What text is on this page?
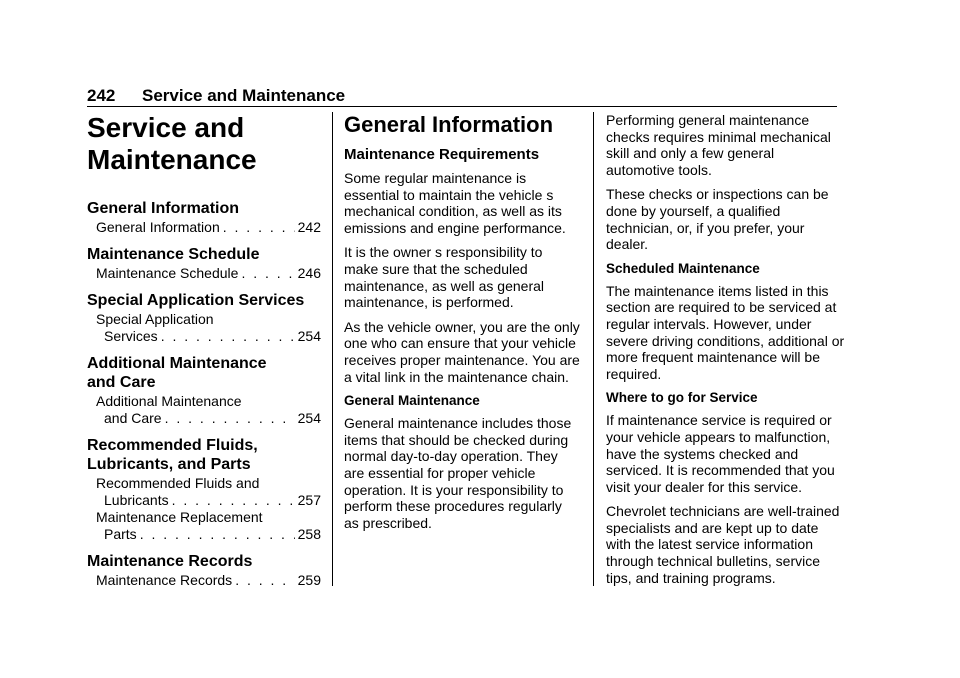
242 Service and Maintenance
Service and
Maintenance
General Information
General Information . . .	242
Maintenance Schedule
Maintenance Schedule . . .	246
Special Application Services
Special Application
Services . . .	254
Additional Maintenance
and Care
Additional Maintenance
and Care . . .	254
Recommended Fluids,
Lubricants, and Parts
Recommended Fluids and
Lubricants . . .	257
Maintenance Replacement
Parts . . .	258
Maintenance Records
Maintenance Records . . .	259
General Information
Maintenance Requirements

Some regular maintenance is essential to maintain the vehicle s mechanical condition, as well as its emissions and engine performance.

It is the owner s responsibility to make sure that the scheduled maintenance, as well as general maintenance, is performed.

As the vehicle owner, you are the only one who can ensure that your vehicle receives proper maintenance. You are a vital link in the maintenance chain.

General Maintenance

General maintenance includes those items that should be checked during normal day-to-day operation. They are essential for proper vehicle operation. It is your responsibility to perform these procedures regularly as prescribed.

Performing general maintenance checks requires minimal mechanical skill and only a few general automotive tools.

These checks or inspections can be done by yourself, a qualified technician, or, if you prefer, your dealer.

Scheduled Maintenance

The maintenance items listed in this section are required to be serviced at regular intervals. However, under severe driving conditions, additional or more frequent maintenance will be required.

Where to go for Service

If maintenance service is required or your vehicle appears to malfunction, have the systems checked and serviced. It is recommended that you visit your dealer for this service.

Chevrolet technicians are well-trained specialists and are kept up to date with the latest service information through technical bulletins, service tips, and training programs.
